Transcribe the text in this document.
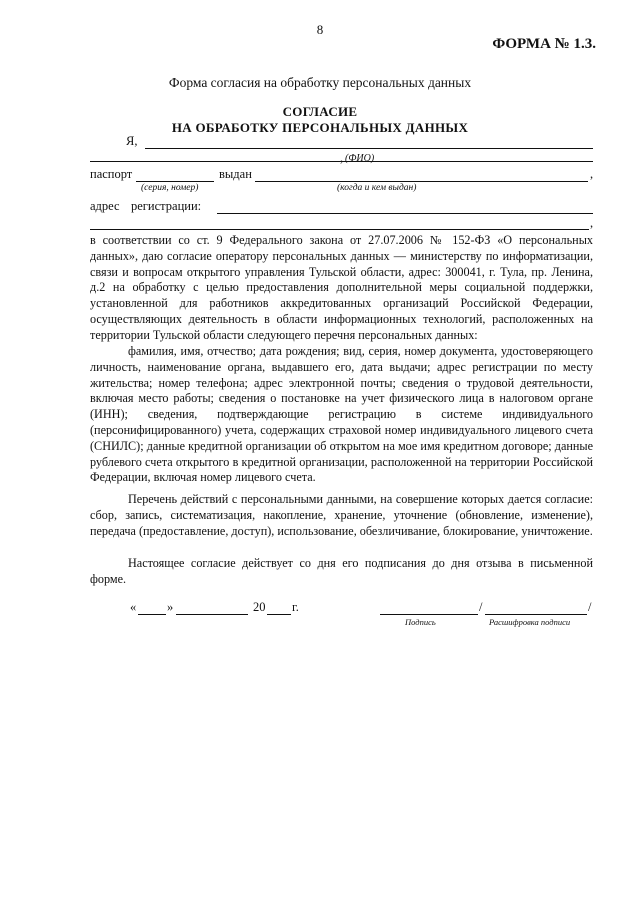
8
ФОРМА № 1.3.
Форма согласия на обработку персональных данных
СОГЛАСИЕ
НА ОБРАБОТКУ ПЕРСОНАЛЬНЫХ ДАННЫХ
Я,
, (ФИО)
паспорт	выдан	,
(серия, номер)	(когда и кем выдан)
адрес регистрации:
,
в соответствии со ст. 9 Федерального закона от 27.07.2006 № 152-ФЗ «О персональных данных», даю согласие оператору персональных данных — министерству по информатизации, связи и вопросам открытого управления Тульской области, адрес: 300041, г. Тула, пр. Ленина, д.2 на обработку с целью предоставления дополнительной меры социальной поддержки, установленной для работников аккредитованных организаций Российской Федерации, осуществляющих деятельность в области информационных технологий, расположенных на территории Тульской области следующего перечня персональных данных:
фамилия, имя, отчество; дата рождения; вид, серия, номер документа, удостоверяющего личность, наименование органа, выдавшего его, дата выдачи; адрес регистрации по месту жительства; номер телефона; адрес электронной почты; сведения о трудовой деятельности, включая место работы; сведения о постановке на учет физического лица в налоговом органе (ИНН); сведения, подтверждающие регистрацию в системе индивидуального (персонифицированного) учета, содержащих страховой номер индивидуального лицевого счета (СНИЛС); данные кредитной организации об открытом на мое имя кредитном договоре; данные рублевого счета открытого в кредитной организации, расположенной на территории Российской Федерации, включая номер лицевого счета.
Перечень действий с персональными данными, на совершение которых дается согласие: сбор, запись, систематизация, накопление, хранение, уточнение (обновление, изменение), передача (предоставление, доступ), использование, обезличивание, блокирование, уничтожение.
Настоящее согласие действует со дня его подписания до дня отзыва в письменной форме.
« »	20 г.	/	/
Подпись	Расшифровка подписи
